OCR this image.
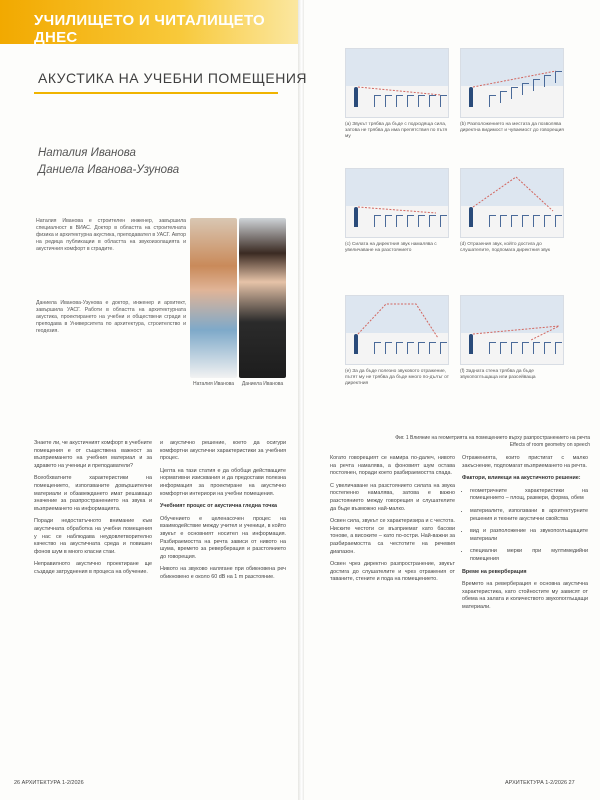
УЧИЛИЩЕТО И ЧИТАЛИЩЕТО ДНЕС
АКУСТИКА НА УЧЕБНИ ПОМЕЩЕНИЯ
Наталия Иванова
Даниела Иванова-Узунова
Наталия Иванова е строителен инженер, завършила специалност в ВИАС. Доктор в областта на строителната физика и архитектурна акустика, преподавател в УАСГ. Автор на редица публикации в областта на звукоизолацията и акустичния комфорт в сградите.
Даниела Иванова-Узунова е доктор, инженер и архитект, завършила УАСГ. Работи в областта на архитектурната акустика, проектирането на учебни и обществени сгради и преподава в Университета по архитектура, строителство и геодезия.
Наталия Иванова	Даниела Иванова

Знаете ли, че акустичният комфорт в учебните помещения е от съществена важност за възприемането на учебния материал и за здравето на ученици и преподаватели?

Всеобхватните характеристики на помещението, използваните довършителни материали и обзавеждането имат решаващо значение за разпространението на звука и възприемането на информацията.

Поради недостатъчното внимание към акустичната обработка на учебни помещения у нас се наблюдава неудовлетворително качество на акустичната среда и повишен фонов шум в много класни стаи.

Неправилното акустично проектиране ще създаде затруднения в процеса на обучение.

и акустично решение, което да осигури комфортни акустични характеристики за учебния процес.

Целта на тази статия е да обобщи действащите нормативни изисквания и да предостави полезна информация за проектиране на акустично комфортни интериори на учебни помещения.

Учебният процес от акустична гледна точка

Обучението е целенасочен процес на взаимодействие между учител и ученици, в който звукът е основният носител на информация. Разбираемостта на речта зависи от нивото на шума, времето за реверберация и разстоянието до говорещия.

Нивото на звуково налягане при обикновена реч обикновено е около 60 dB на 1 m разстояние.

26 АРХИТЕКТУРА 1-2/2026
(а) Звукът трябва да бъде с подходяща сила, затова не трябва да има препятствия по пътя му
(b) Разположението на местата да позволява директна видимост и чуваемост до говорещия
(c) Силата на директния звук намалява с увеличаване на разстоянието
(d) Отразения звук, който достига до слушателите, подпомага директния звук
(e) За да бъде полезно звуковото отражение, пътят му не трябва да бъде много по-дълъг от директния
(f) Задната стена трябва да бъде звукопоглъщаща или разсейваща
Фиг. 1 Влияние на геометрията на помещението върху разпространението на речта
Effects of room geometry on speech

Когато говорещият се намира по-далеч, нивото на речта намалява, а фоновият шум остава постоянен, поради което разбираемостта спада.

С увеличаване на разстоянието силата на звука постепенно намалява, затова е важно разстоянието между говорещия и слушателите да бъде възможно най-малко.

Освен сила, звукът се характеризира и с честота. Ниските честоти се възприемат като басови тонове, а високите – като по-остри. Най-важни за разбираемостта са честотите на речевия диапазон.

Освен чрез директно разпространение, звукът достига до слушателите и чрез отражения от таваните, стените и пода на помещението.

Отраженията, които пристигат с малко закъснение, подпомагат възприемането на речта.

Фактори, влияещи на акустичното решение:

• геометричните характеристики на помещението – площ, размери, форма, обем
• материалите, използвани в архитектурните решения и техните акустични свойства
• вид и разположение на звукопоглъщащите материали
• специални мерки при мултимедийни помещения

Време на реверберация

Времето на реверберация е основна акустична характеристика, като стойностите му зависят от обема на залата и количеството звукопоглъщащи материали.

АРХИТЕКТУРА 1-2/2026 27
